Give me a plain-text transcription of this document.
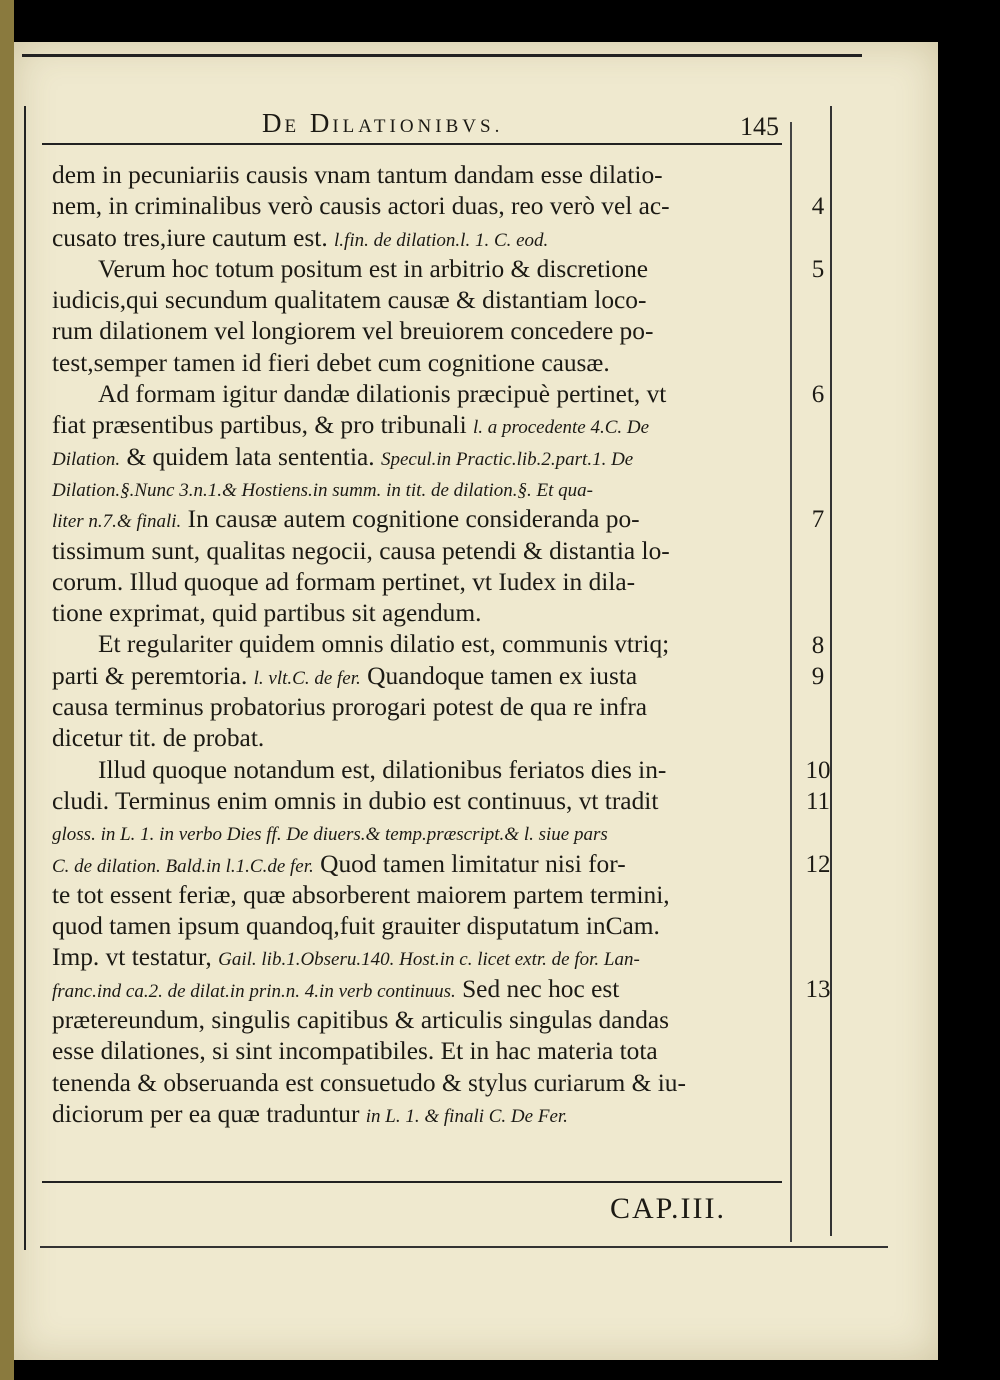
DE DILATIONIBVS.	145
dem in pecuniariis causis vnam tantum dandam esse dilatio-
nem, in criminalibus verò causis actori duas, reo verò vel ac-
cusato tres,iure cautum est. l.fin. de dilation.l. 1. C. eod.
Verum hoc totum positum est in arbitrio & discretione
iudicis,qui secundum qualitatem causæ & distantiam loco-
rum dilationem vel longiorem vel breuiorem concedere po-
test,semper tamen id fieri debet cum cognitione causæ.
Ad formam igitur dandæ dilationis præcipuè pertinet, vt
fiat præsentibus partibus, & pro tribunali l. a procedente 4.C. De
Dilation. & quidem lata sententia. Specul.in Practic.lib.2.part.1. De
Dilation.§.Nunc 3.n.1.& Hostiens.in summ. in tit. de dilation.§. Et qua-
liter n.7.& finali. In causæ autem cognitione consideranda po-
tissimum sunt, qualitas negocii, causa petendi & distantia lo-
corum. Illud quoque ad formam pertinet, vt Iudex in dila-
tione exprimat, quid partibus sit agendum.
Et regulariter quidem omnis dilatio est, communis vtriq;
parti & peremtoria. l. vlt.C. de fer. Quandoque tamen ex iusta
causa terminus probatorius prorogari potest de qua re infra
dicetur tit. de probat.
Illud quoque notandum est, dilationibus feriatos dies in-
cludi. Terminus enim omnis in dubio est continuus, vt tradit
gloss. in L. 1. in verbo Dies ff. De diuers.& temp.præscript.& l. siue pars
C. de dilation. Bald.in l.1.C.de fer. Quod tamen limitatur nisi for-
te tot essent feriæ, quæ absorberent maiorem partem termini,
quod tamen ipsum quandoq,fuit grauiter disputatum inCam.
Imp. vt testatur, Gail. lib.1.Obseru.140. Host.in c. licet extr. de for. Lan-
franc.ind ca.2. de dilat.in prin.n. 4.in verb continuus. Sed nec hoc est
prætereundum, singulis capitibus & articulis singulas dandas
esse dilationes, si sint incompatibiles. Et in hac materia tota
tenenda & obseruanda est consuetudo & stylus curiarum & iu-
diciorum per ea quæ traduntur in L. 1. & finali C. De Fer.
4
5
6
7
8
9
10
11
12
13
CAP.III.
